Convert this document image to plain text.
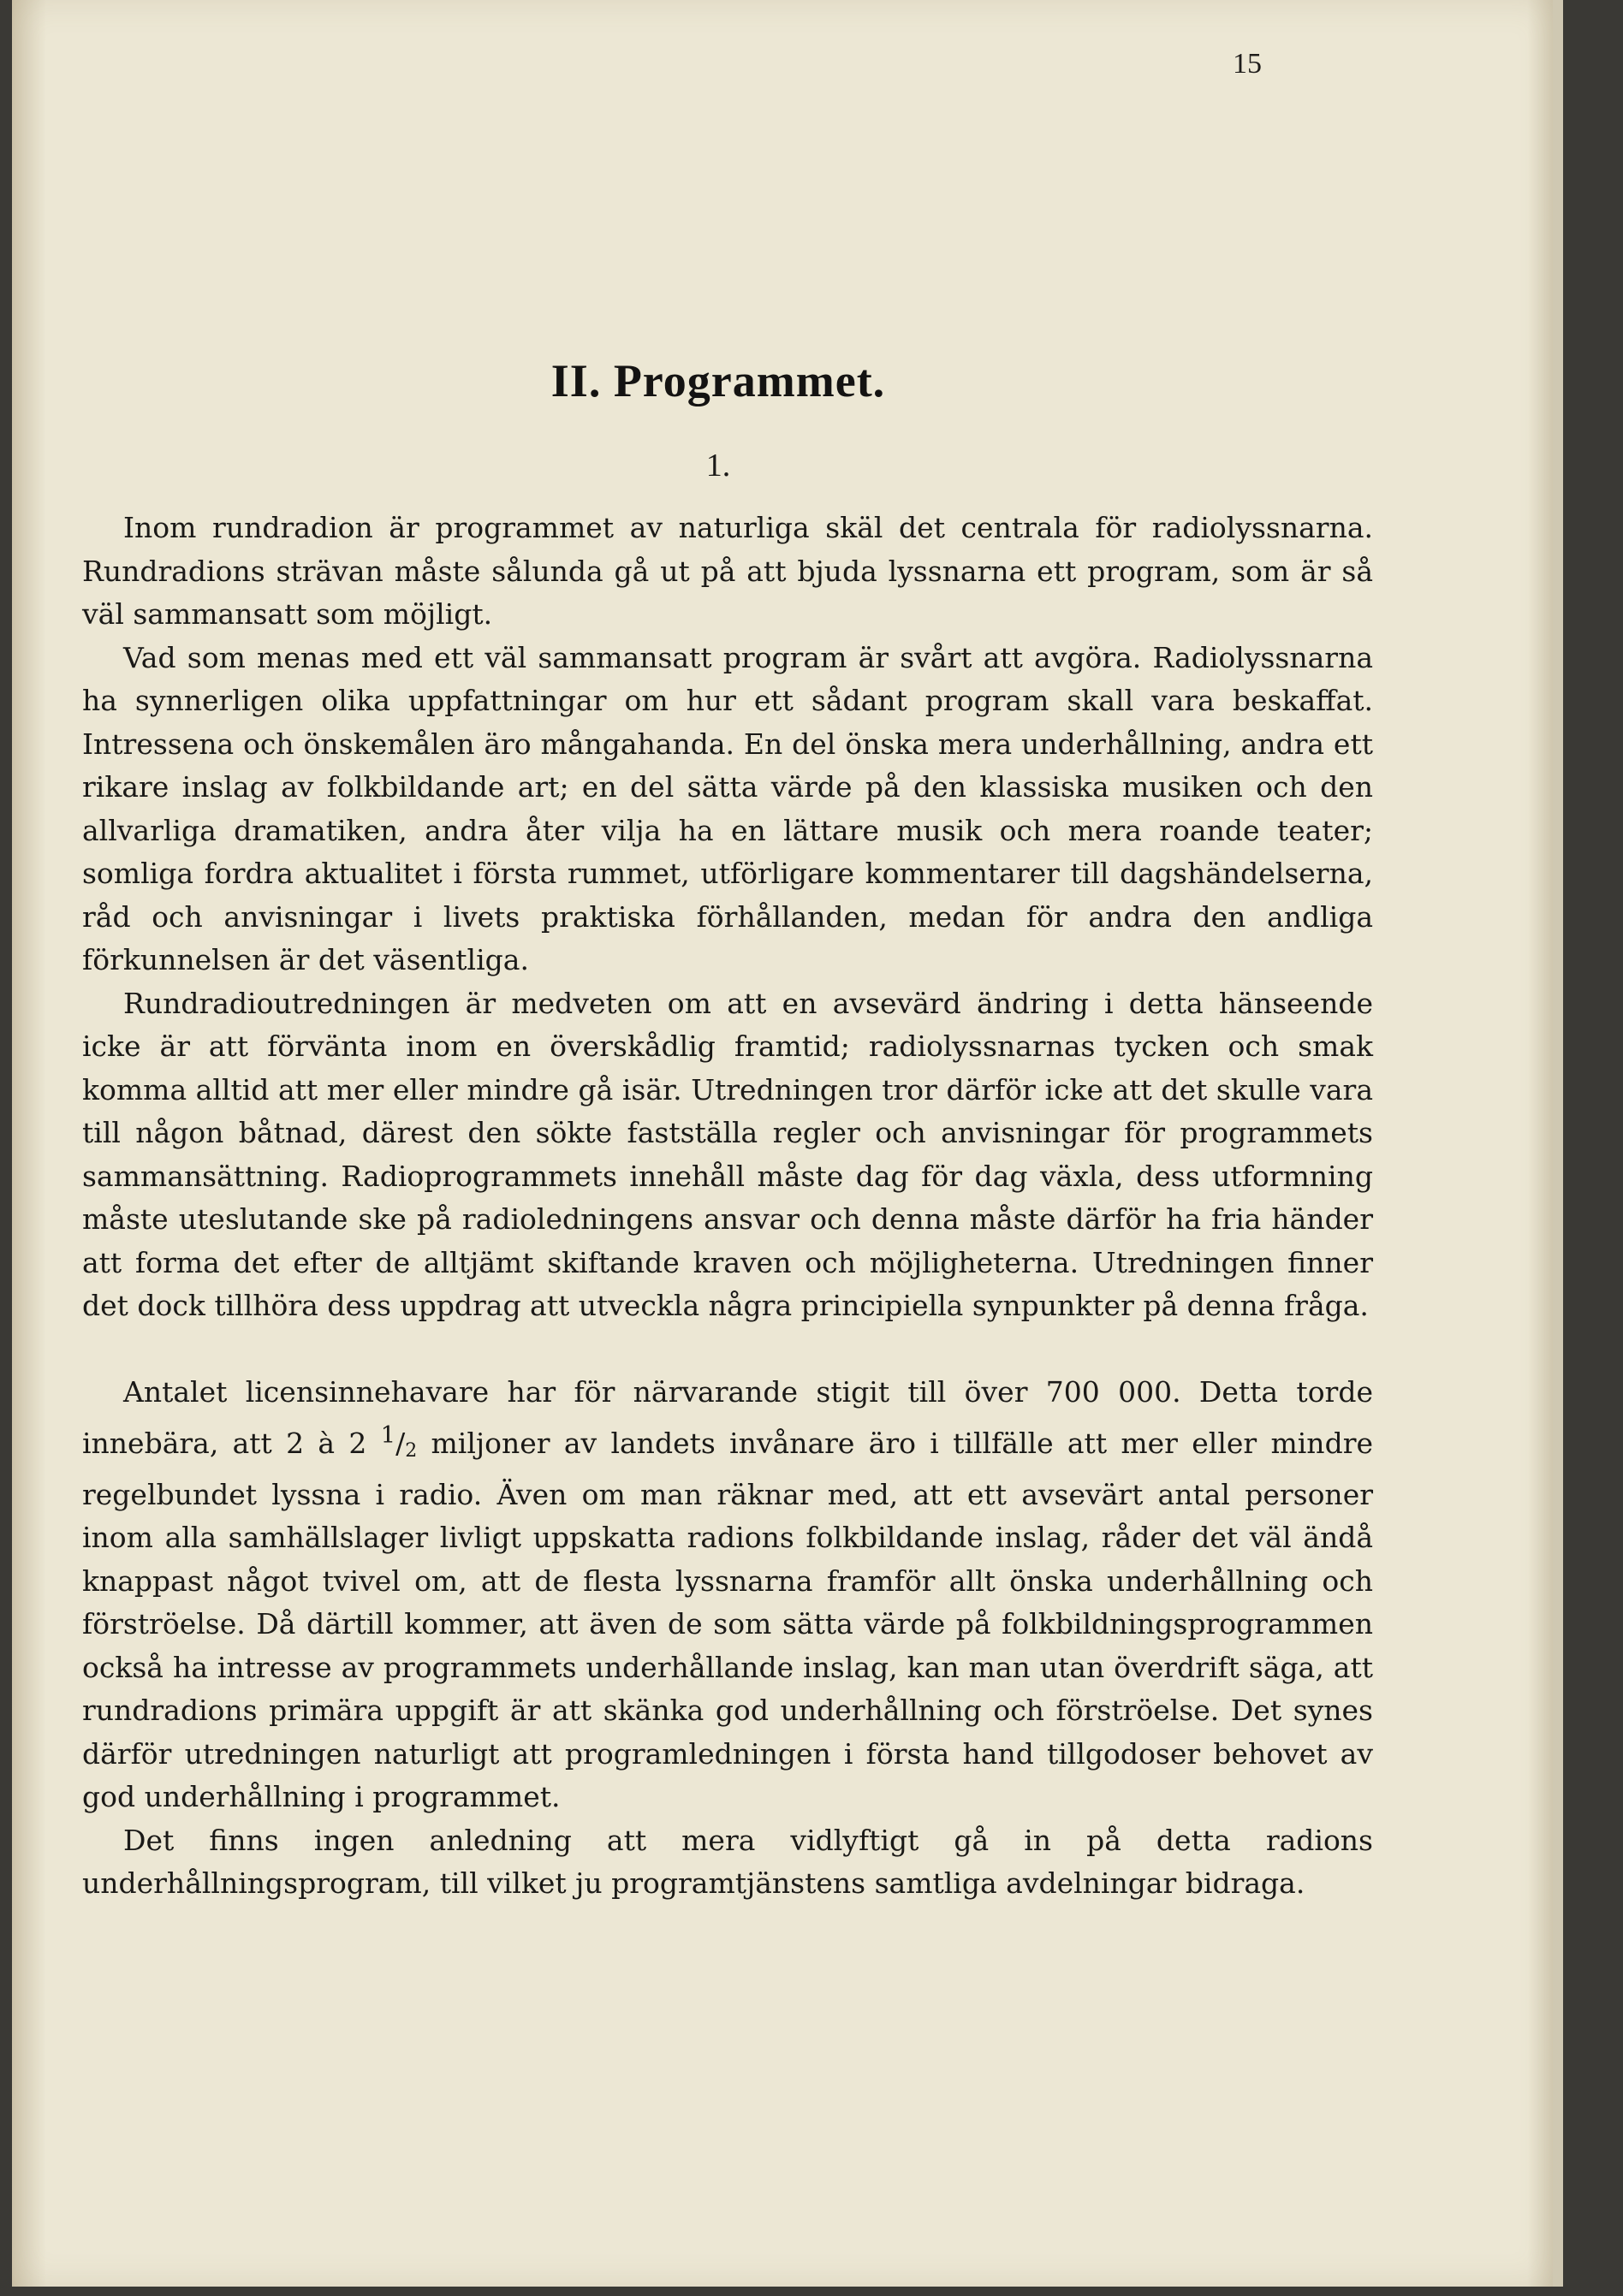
15
II. Programmet.
1.

Inom rundradion är programmet av naturliga skäl det centrala för radiolyssnarna. Rundradions strävan måste sålunda gå ut på att bjuda lyssnarna ett program, som är så väl sammansatt som möjligt.

Vad som menas med ett väl sammansatt program är svårt att avgöra. Radiolyssnarna ha synnerligen olika uppfattningar om hur ett sådant program skall vara beskaffat. Intressena och önskemålen äro mångahanda. En del önska mera underhållning, andra ett rikare inslag av folkbildande art; en del sätta värde på den klassiska musiken och den allvarliga dramatiken, andra åter vilja ha en lättare musik och mera roande teater; somliga fordra aktualitet i första rummet, utförligare kommentarer till dagshändelserna, råd och anvisningar i livets praktiska förhållanden, medan för andra den andliga förkunnelsen är det väsentliga.

Rundradioutredningen är medveten om att en avsevärd ändring i detta hänseende icke är att förvänta inom en överskådlig framtid; radiolyssnarnas tycken och smak komma alltid att mer eller mindre gå isär. Utredningen tror därför icke att det skulle vara till någon båtnad, därest den sökte fastställa regler och anvisningar för programmets sammansättning. Radioprogrammets innehåll måste dag för dag växla, dess utformning måste uteslutande ske på radioledningens ansvar och denna måste därför ha fria händer att forma det efter de alltjämt skiftande kraven och möjligheterna. Utredningen finner det dock tillhöra dess uppdrag att utveckla några principiella synpunkter på denna fråga.

Antalet licensinnehavare har för närvarande stigit till över 700 000. Detta torde innebära, att 2 à 2 $^1/_2$ miljoner av landets invånare äro i tillfälle att mer eller mindre regelbundet lyssna i radio. Även om man räknar med, att ett avsevärt antal personer inom alla samhällslager livligt uppskatta radions folkbildande inslag, råder det väl ändå knappast något tvivel om, att de flesta lyssnarna framför allt önska underhållning och förströelse. Då därtill kommer, att även de som sätta värde på folkbildningsprogrammen också ha intresse av programmets underhållande inslag, kan man utan överdrift säga, att rundradions primära uppgift är att skänka god underhållning och förströelse. Det synes därför utredningen naturligt att programledningen i första hand tillgodoser behovet av god underhållning i programmet.

Det finns ingen anledning att mera vidlyftigt gå in på detta radions underhållningsprogram, till vilket ju programtjänstens samtliga avdelningar bidraga.
